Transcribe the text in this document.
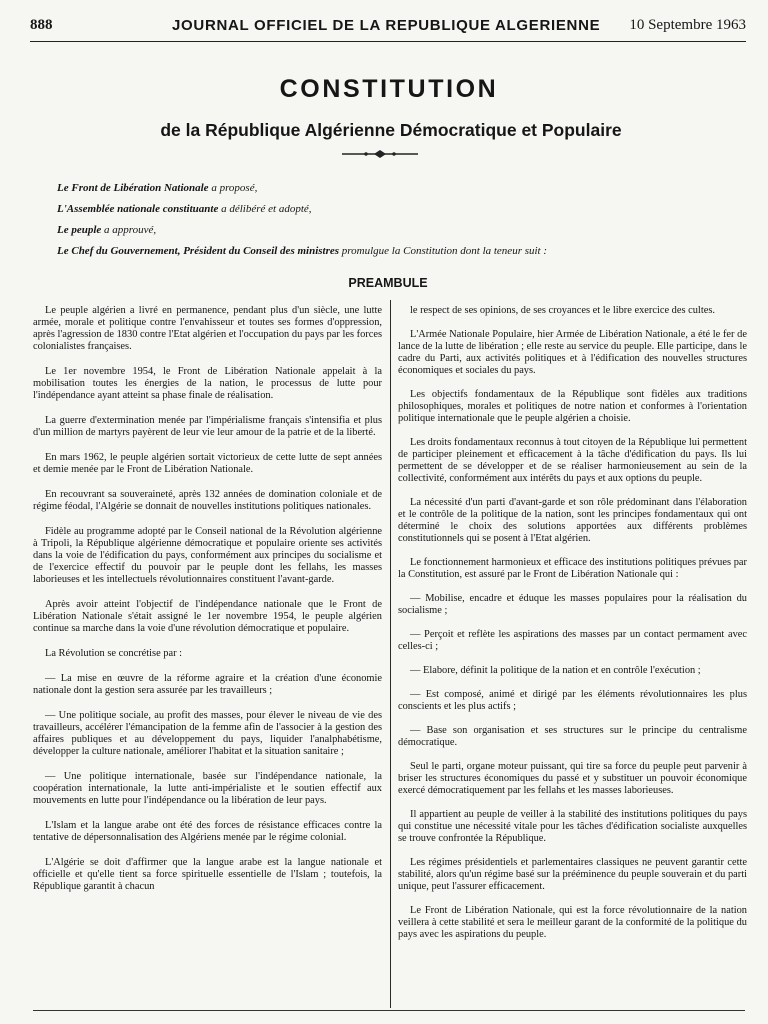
888	JOURNAL OFFICIEL DE LA REPUBLIQUE ALGERIENNE 10 Septembre 1963
CONSTITUTION
de la République Algérienne Démocratique et Populaire
Le Front de Libération Nationale a proposé,
L'Assemblée nationale constituante a délibéré et adopté,
Le peuple a approuvé,
Le Chef du Gouvernement, Président du Conseil des ministres promulgue la Constitution dont la teneur suit :
PREAMBULE

Le peuple algérien a livré en permanence, pendant plus d'un siècle, une lutte armée, morale et politique contre l'envahisseur et toutes ses formes d'oppression, après l'agression de 1830 contre l'Etat algérien et l'occupation du pays par les forces colonialistes françaises.

Le 1er novembre 1954, le Front de Libération Nationale appelait à la mobilisation toutes les énergies de la nation, le processus de lutte pour l'indépendance ayant atteint sa phase finale de réalisation.

La guerre d'extermination menée par l'impérialisme français s'intensifia et plus d'un million de martyrs payèrent de leur vie leur amour de la patrie et de la liberté.

En mars 1962, le peuple algérien sortait victorieux de cette lutte de sept années et demie menée par le Front de Libération Nationale.

En recouvrant sa souveraineté, après 132 années de domination coloniale et de régime féodal, l'Algérie se donnait de nouvelles institutions politiques nationales.

Fidèle au programme adopté par le Conseil national de la Révolution algérienne à Tripoli, la République algérienne démocratique et populaire oriente ses activités dans la voie de l'édification du pays, conformément aux principes du socialisme et de l'exercice effectif du pouvoir par le peuple dont les fellahs, les masses laborieuses et les intellectuels révolutionnaires constituent l'avant-garde.

Après avoir atteint l'objectif de l'indépendance nationale que le Front de Libération Nationale s'était assigné le 1er novembre 1954, le peuple algérien continue sa marche dans la voie d'une révolution démocratique et populaire.

La Révolution se concrétise par :

— La mise en œuvre de la réforme agraire et la création d'une économie nationale dont la gestion sera assurée par les travailleurs ;

— Une politique sociale, au profit des masses, pour élever le niveau de vie des travailleurs, accélérer l'émancipation de la femme afin de l'associer à la gestion des affaires publiques et au développement du pays, liquider l'analphabétisme, développer la culture nationale, améliorer l'habitat et la situation sanitaire ;

— Une politique internationale, basée sur l'indépendance nationale, la coopération internationale, la lutte anti-impérialiste et le soutien effectif aux mouvements en lutte pour l'indépendance ou la libération de leur pays.

L'Islam et la langue arabe ont été des forces de résistance efficaces contre la tentative de dépersonnalisation des Algériens menée par le régime colonial.

L'Algérie se doit d'affirmer que la langue arabe est la langue nationale et officielle et qu'elle tient sa force spirituelle essentielle de l'Islam ; toutefois, la République garantit à chacun

le respect de ses opinions, de ses croyances et le libre exercice des cultes.

L'Armée Nationale Populaire, hier Armée de Libération Nationale, a été le fer de lance de la lutte de libération ; elle reste au service du peuple. Elle participe, dans le cadre du Parti, aux activités politiques et à l'édification des nouvelles structures économiques et sociales du pays.

Les objectifs fondamentaux de la République sont fidèles aux traditions philosophiques, morales et politiques de notre nation et conformes à l'orientation politique internationale que le peuple algérien a choisie.

Les droits fondamentaux reconnus à tout citoyen de la République lui permettent de participer pleinement et efficacement à la tâche d'édification du pays. Ils lui permettent de se développer et de se réaliser harmonieusement au sein de la collectivité, conformément aux intérêts du pays et aux options du peuple.

La nécessité d'un parti d'avant-garde et son rôle prédominant dans l'élaboration et le contrôle de la politique de la nation, sont les principes fondamentaux qui ont déterminé le choix des solutions apportées aux différents problèmes constitutionnels qui se posent à l'Etat algérien.

Le fonctionnement harmonieux et efficace des institutions politiques prévues par la Constitution, est assuré par le Front de Libération Nationale qui :

— Mobilise, encadre et éduque les masses populaires pour la réalisation du socialisme ;

— Perçoit et reflète les aspirations des masses par un contact permament avec celles-ci ;

— Elabore, définit la politique de la nation et en contrôle l'exécution ;

— Est composé, animé et dirigé par les éléments révolutionnaires les plus conscients et les plus actifs ;

— Base son organisation et ses structures sur le principe du centralisme démocratique.

Seul le parti, organe moteur puissant, qui tire sa force du peuple peut parvenir à briser les structures économiques du passé et y substituer un pouvoir économique exercé démocratiquement par les fellahs et les masses laborieuses.

Il appartient au peuple de veiller à la stabilité des institutions politiques du pays qui constitue une nécessité vitale pour les tâches d'édification socialiste auxquelles se trouve confrontée la République.

Les régimes présidentiels et parlementaires classiques ne peuvent garantir cette stabilité, alors qu'un régime basé sur la prééminence du peuple souverain et du parti unique, peut l'assurer efficacement.

Le Front de Libération Nationale, qui est la force révolutionnaire de la nation veillera à cette stabilité et sera le meilleur garant de la conformité de la politique du pays avec les aspirations du peuple.
